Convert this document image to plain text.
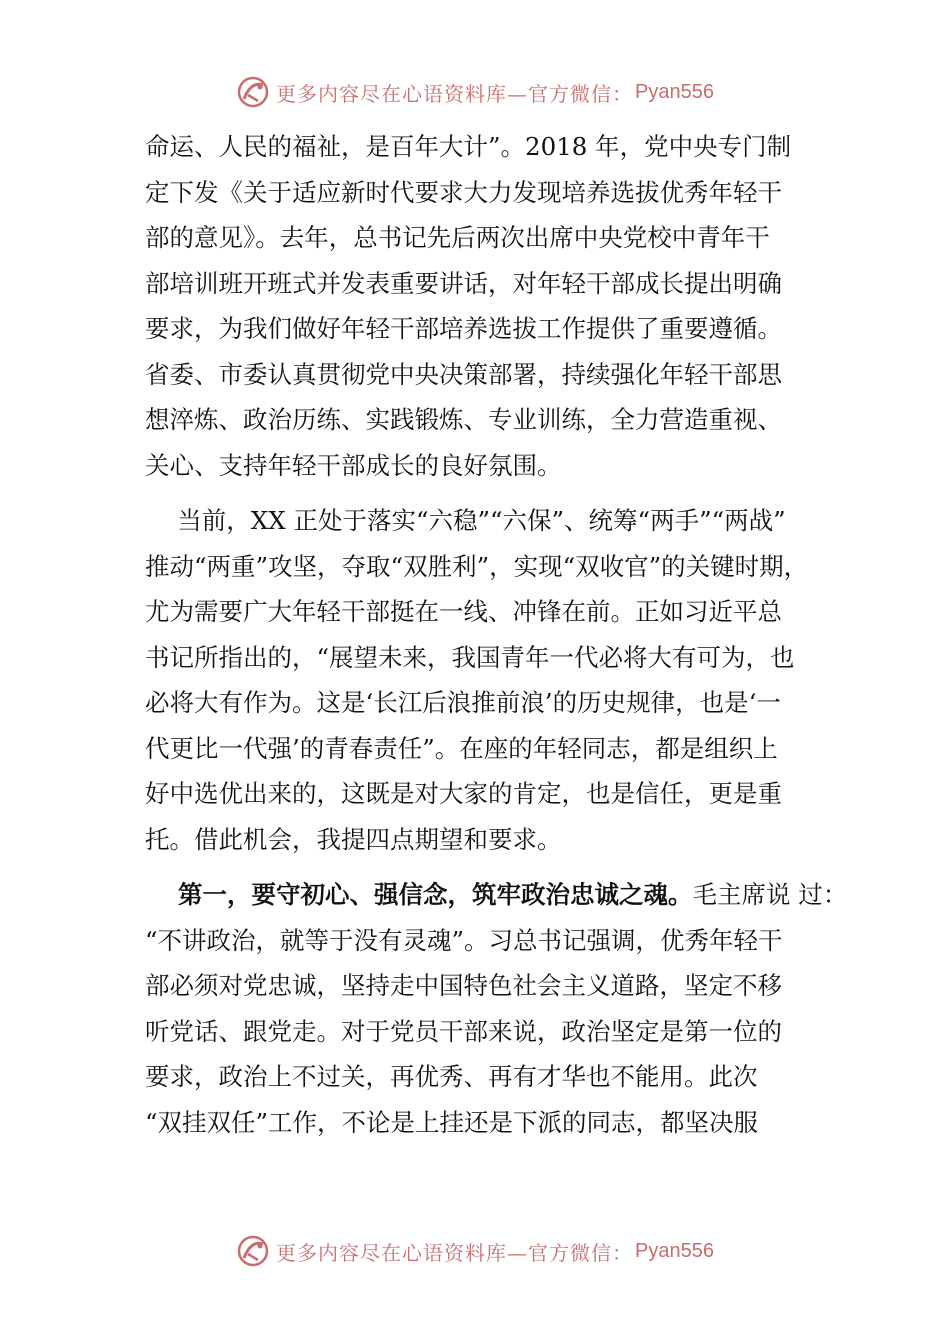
更多内容尽在心语资料库—官方微信： Pyan556
命运、人民的福祉，是百年大计”。2018 年，党中央专门制
定下发《关于适应新时代要求大力发现培养选拔优秀年轻干
部的意见》。去年，总书记先后两次出席中央党校中青年干
部培训班开班式并发表重要讲话，对年轻干部成长提出明确
要求，为我们做好年轻干部培养选拔工作提供了重要遵循。
省委、市委认真贯彻党中央决策部署，持续强化年轻干部思
想淬炼、政治历练、实践锻炼、专业训练，全力营造重视、
关心、支持年轻干部成长的良好氛围。
　 当前，XX 正处于落实“六稳”“六保”、统筹“两手”“两战”
推动“两重”攻坚，夺取“双胜利”，实现“双收官”的关键时期，
尤为需要广大年轻干部挺在一线、冲锋在前。正如习近平总
书记所指出的，“展望未来，我国青年一代必将大有可为，也
必将大有作为。这是‘长江后浪推前浪’的历史规律，也是‘一
代更比一代强’的青春责任”。在座的年轻同志，都是组织上
好中选优出来的，这既是对大家的肯定，也是信任，更是重
托。借此机会，我提四点期望和要求。
　 第一，要守初心、强信念，筑牢政治忠诚之魂。毛主席说 过：
“不讲政治，就等于没有灵魂”。习总书记强调，优秀年轻干
部必须对党忠诚，坚持走中国特色社会主义道路，坚定不移
听党话、跟党走。对于党员干部来说，政治坚定是第一位的
要求，政治上不过关，再优秀、再有才华也不能用。此次
“双挂双任”工作，不论是上挂还是下派的同志，都坚决服
更多内容尽在心语资料库—官方微信： Pyan556
